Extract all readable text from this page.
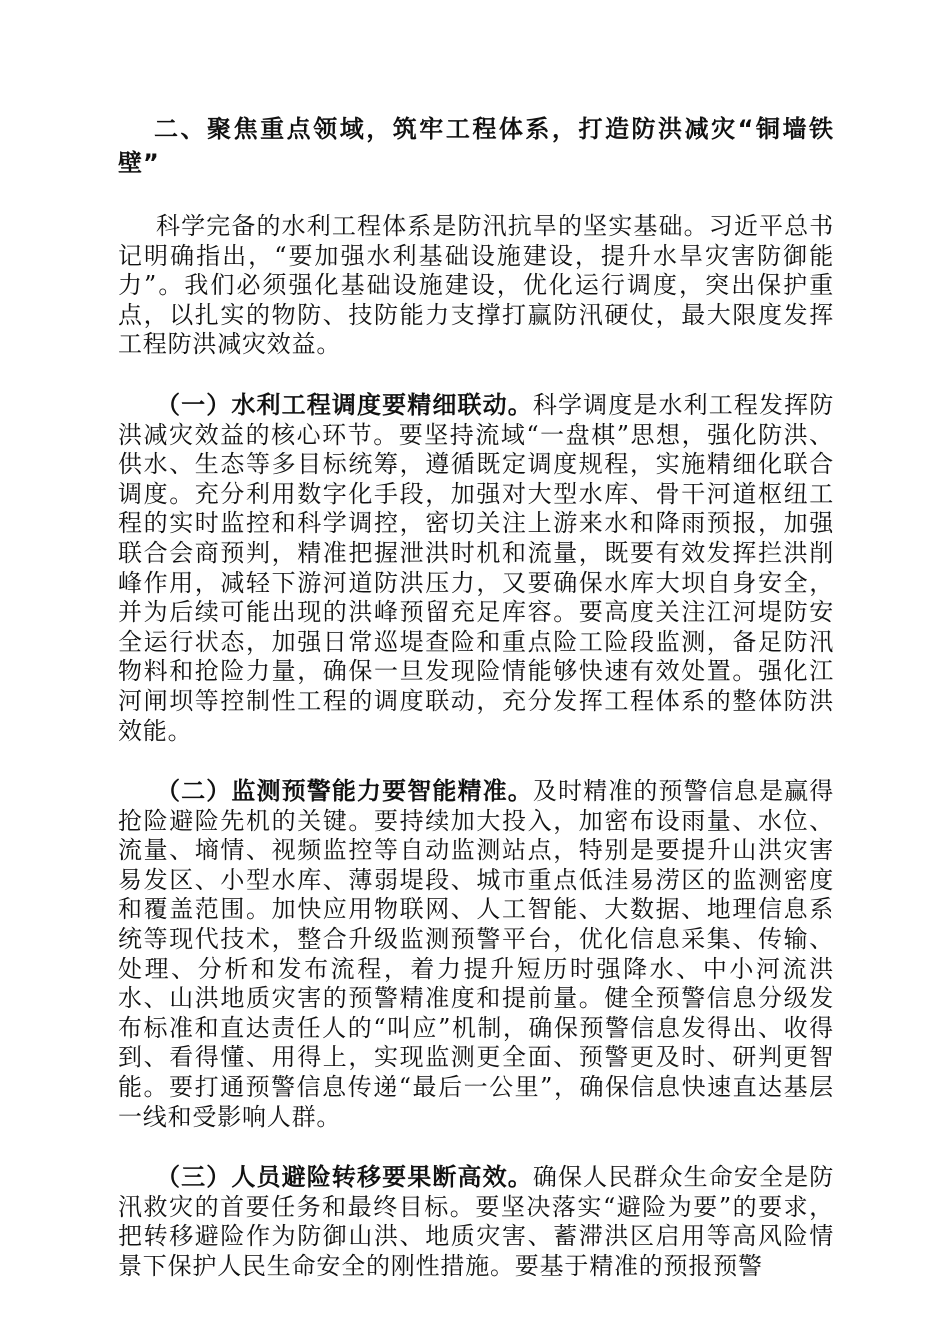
二、聚焦重点领域，筑牢工程体系，打造防洪减灾“铜墙铁壁”

科学完备的水利工程体系是防汛抗旱的坚实基础。习近平总书记明确指出，“要加强水利基础设施建设，提升水旱灾害防御能力”。我们必须强化基础设施建设，优化运行调度，突出保护重点，以扎实的物防、技防能力支撑打赢防汛硬仗，最大限度发挥工程防洪减灾效益。

（一）水利工程调度要精细联动。科学调度是水利工程发挥防洪减灾效益的核心环节。要坚持流域“一盘棋”思想，强化防洪、供水、生态等多目标统筹，遵循既定调度规程，实施精细化联合调度。充分利用数字化手段，加强对大型水库、骨干河道枢纽工程的实时监控和科学调控，密切关注上游来水和降雨预报，加强联合会商预判，精准把握泄洪时机和流量，既要有效发挥拦洪削峰作用，减轻下游河道防洪压力，又要确保水库大坝自身安全，并为后续可能出现的洪峰预留充足库容。要高度关注江河堤防安全运行状态，加强日常巡堤查险和重点险工险段监测，备足防汛物料和抢险力量，确保一旦发现险情能够快速有效处置。强化江河闸坝等控制性工程的调度联动，充分发挥工程体系的整体防洪效能。

（二）监测预警能力要智能精准。及时精准的预警信息是赢得抢险避险先机的关键。要持续加大投入，加密布设雨量、水位、流量、墒情、视频监控等自动监测站点，特别是要提升山洪灾害易发区、小型水库、薄弱堤段、城市重点低洼易涝区的监测密度和覆盖范围。加快应用物联网、人工智能、大数据、地理信息系统等现代技术，整合升级监测预警平台，优化信息采集、传输、处理、分析和发布流程，着力提升短历时强降水、中小河流洪水、山洪地质灾害的预警精准度和提前量。健全预警信息分级发布标准和直达责任人的“叫应”机制，确保预警信息发得出、收得到、看得懂、用得上，实现监测更全面、预警更及时、研判更智能。要打通预警信息传递“最后一公里”，确保信息快速直达基层一线和受影响人群。

（三）人员避险转移要果断高效。确保人民群众生命安全是防汛救灾的首要任务和最终目标。要坚决落实“避险为要”的要求，把转移避险作为防御山洪、地质灾害、蓄滞洪区启用等高风险情景下保护人民生命安全的刚性措施。要基于精准的预报预警
